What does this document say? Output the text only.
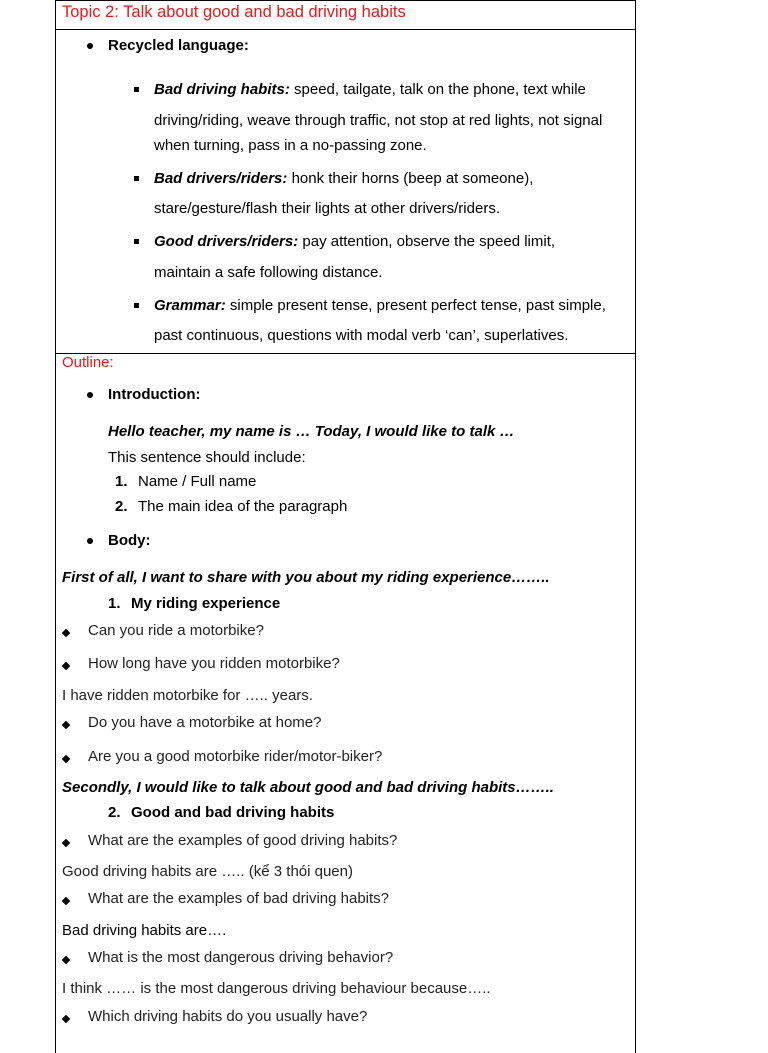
Topic 2: Talk about good and bad driving habits
Recycled language:
Bad driving habits: speed, tailgate, talk on the phone, text while
driving/riding, weave through traffic, not stop at red lights, not signal
when turning, pass in a no-passing zone.
Bad drivers/riders: honk their horns (beep at someone),
stare/gesture/flash their lights at other drivers/riders.
Good drivers/riders: pay attention, observe the speed limit,
maintain a safe following distance.
Grammar: simple present tense, present perfect tense, past simple,
past continuous, questions with modal verb ‘can’, superlatives.
Outline:
Introduction:
Hello teacher, my name is … Today, I would like to talk …
This sentence should include:
1. Name / Full name
2. The main idea of the paragraph
Body:
First of all, I want to share with you about my riding experience……..
1. My riding experience
Can you ride a motorbike?
How long have you ridden motorbike?
I have ridden motorbike for ….. years.
Do you have a motorbike at home?
Are you a good motorbike rider/motor-biker?
Secondly, I would like to talk about good and bad driving habits……..
2. Good and bad driving habits
What are the examples of good driving habits?
Good driving habits are ….. (kể 3 thói quen)
What are the examples of bad driving habits?
Bad driving habits are….
What is the most dangerous driving behavior?
I think …… is the most dangerous driving behaviour because…..
Which driving habits do you usually have?
